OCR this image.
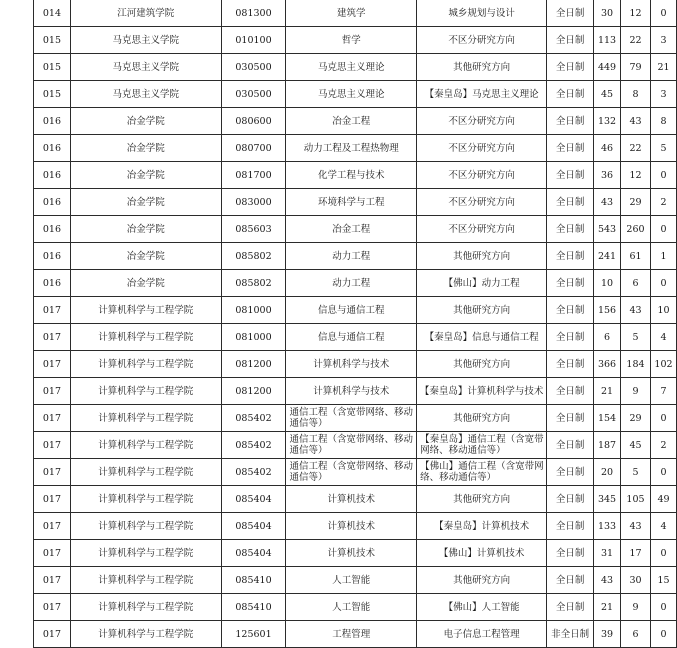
014	江河建筑学院	081300	建筑学	城乡规划与设计	全日制	30	12	0
015	马克思主义学院	010100	哲学	不区分研究方向	全日制	113	22	3
015	马克思主义学院	030500	马克思主义理论	其他研究方向	全日制	449	79	21
015	马克思主义学院	030500	马克思主义理论	【秦皇岛】马克思主义理论	全日制	45	8	3
016	冶金学院	080600	冶金工程	不区分研究方向	全日制	132	43	8
016	冶金学院	080700	动力工程及工程热物理	不区分研究方向	全日制	46	22	5
016	冶金学院	081700	化学工程与技术	不区分研究方向	全日制	36	12	0
016	冶金学院	083000	环境科学与工程	不区分研究方向	全日制	43	29	2
016	冶金学院	085603	冶金工程	不区分研究方向	全日制	543	260	0
016	冶金学院	085802	动力工程	其他研究方向	全日制	241	61	1
016	冶金学院	085802	动力工程	【佛山】动力工程	全日制	10	6	0
017	计算机科学与工程学院	081000	信息与通信工程	其他研究方向	全日制	156	43	10
017	计算机科学与工程学院	081000	信息与通信工程	【秦皇岛】信息与通信工程	全日制	6	5	4
017	计算机科学与工程学院	081200	计算机科学与技术	其他研究方向	全日制	366	184	102
017	计算机科学与工程学院	081200	计算机科学与技术	【秦皇岛】计算机科学与技术	全日制	21	9	7
017	计算机科学与工程学院	085402	通信工程（含宽带网络、移动通信等）	其他研究方向	全日制	154	29	0
017	计算机科学与工程学院	085402	通信工程（含宽带网络、移动通信等）	【秦皇岛】通信工程（含宽带网络、移动通信等）	全日制	187	45	2
017	计算机科学与工程学院	085402	通信工程（含宽带网络、移动通信等）	【佛山】通信工程（含宽带网络、移动通信等）	全日制	20	5	0
017	计算机科学与工程学院	085404	计算机技术	其他研究方向	全日制	345	105	49
017	计算机科学与工程学院	085404	计算机技术	【秦皇岛】计算机技术	全日制	133	43	4
017	计算机科学与工程学院	085404	计算机技术	【佛山】计算机技术	全日制	31	17	0
017	计算机科学与工程学院	085410	人工智能	其他研究方向	全日制	43	30	15
017	计算机科学与工程学院	085410	人工智能	【佛山】人工智能	全日制	21	9	0
017	计算机科学与工程学院	125601	工程管理	电子信息工程管理	非全日制	39	6	0
